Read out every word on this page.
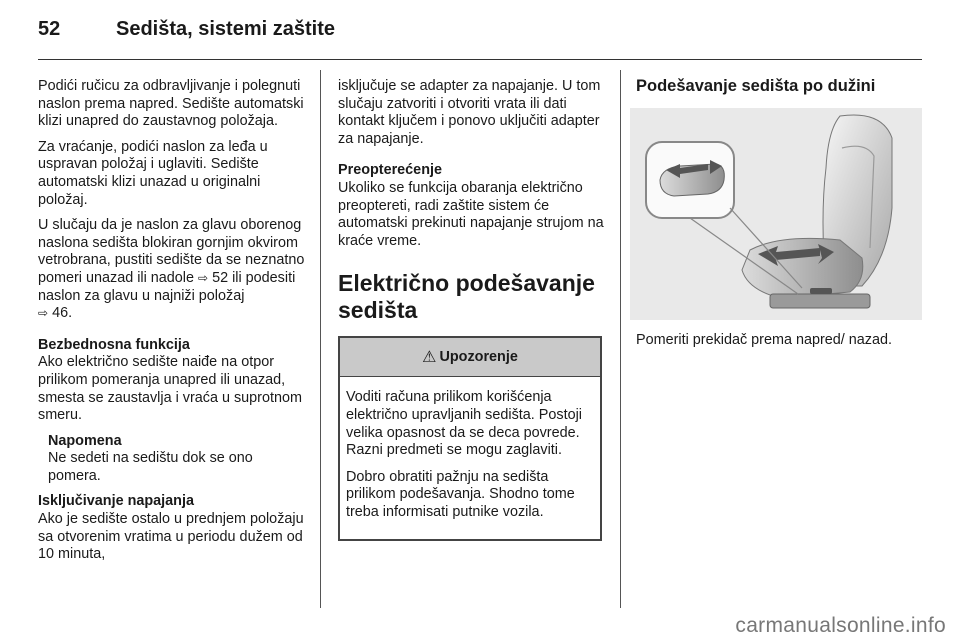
52	Sedišta, sistemi zaštite

Podići ručicu za odbravljivanje i polegnuti naslon prema napred. Sedište automatski klizi unapred do zaustavnog položaja.

Za vraćanje, podići naslon za leđa u uspravan položaj i uglaviti. Sedište automatski klizi unazad u originalni položaj.

U slučaju da je naslon za glavu oborenog naslona sedišta blokiran gornjim okvirom vetrobrana, pustiti sedište da se neznatno pomeri unazad ili nadole ⇨ 52 ili podesiti naslon za glavu u najniži položaj
⇨ 46.

Bezbednosna funkcija

Ako električno sedište naiđe na otpor prilikom pomeranja unapred ili unazad, smesta se zaustavlja i vraća u suprotnom smeru.

Napomena

Ne sedeti na sedištu dok se ono pomera.

Isključivanje napajanja

Ako je sedište ostalo u prednjem položaju sa otvorenim vratima u periodu dužem od 10 minuta,

isključuje se adapter za napajanje. U tom slučaju zatvoriti i otvoriti vrata ili dati kontakt ključem i ponovo uključiti adapter za napajanje.

Preopterećenje

Ukoliko se funkcija obaranja električno preoptereti, radi zaštite sistem će automatski prekinuti napajanje strujom na kraće vreme.

Električno podešavanje sedišta
⚠ Upozorenje

Voditi računa prilikom korišćenja električno upravljanih sedišta. Postoji velika opasnost da se deca povrede. Razni predmeti se mogu zaglaviti.

Dobro obratiti pažnju na sedišta prilikom podešavanja. Shodno tome treba informisati putnike vozila.

Podešavanje sedišta po dužini

Pomeriti prekidač prema napred/ nazad.

carmanualsonline.info
